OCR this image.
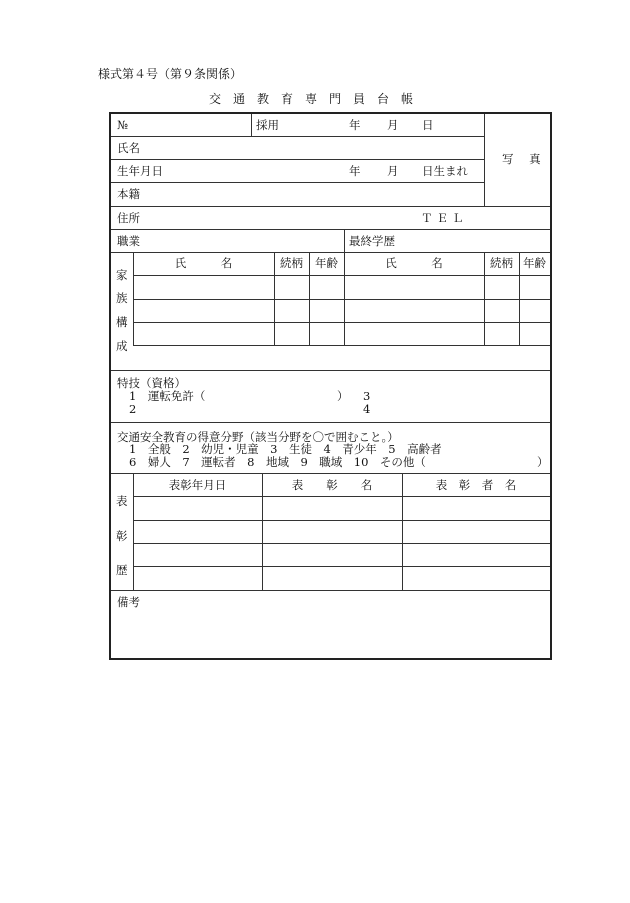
様式第４号（第９条関係）
交通教育専門員台帳
№	採用	年 月 日
写 真
氏名
生年月日	年 月 日生まれ
本籍
住所	ＴＥＬ
職業	最終学歴
家
族
構
成
氏　　　名	続柄	年齢	氏　　　名	続柄 年齢
特技（資格）
1　運転免許（	） 3
2	4
交通安全教育の得意分野（該当分野を〇で囲むこと。）
1　全般　2　幼児・児童　3　生徒　4　青少年　5　高齢者
6　婦人　7　運転者　8　地域　9　職域　10　その他（	）
表
彰
歴
表彰年月日	表　　彰　　名	表　彰　者　名
備考
